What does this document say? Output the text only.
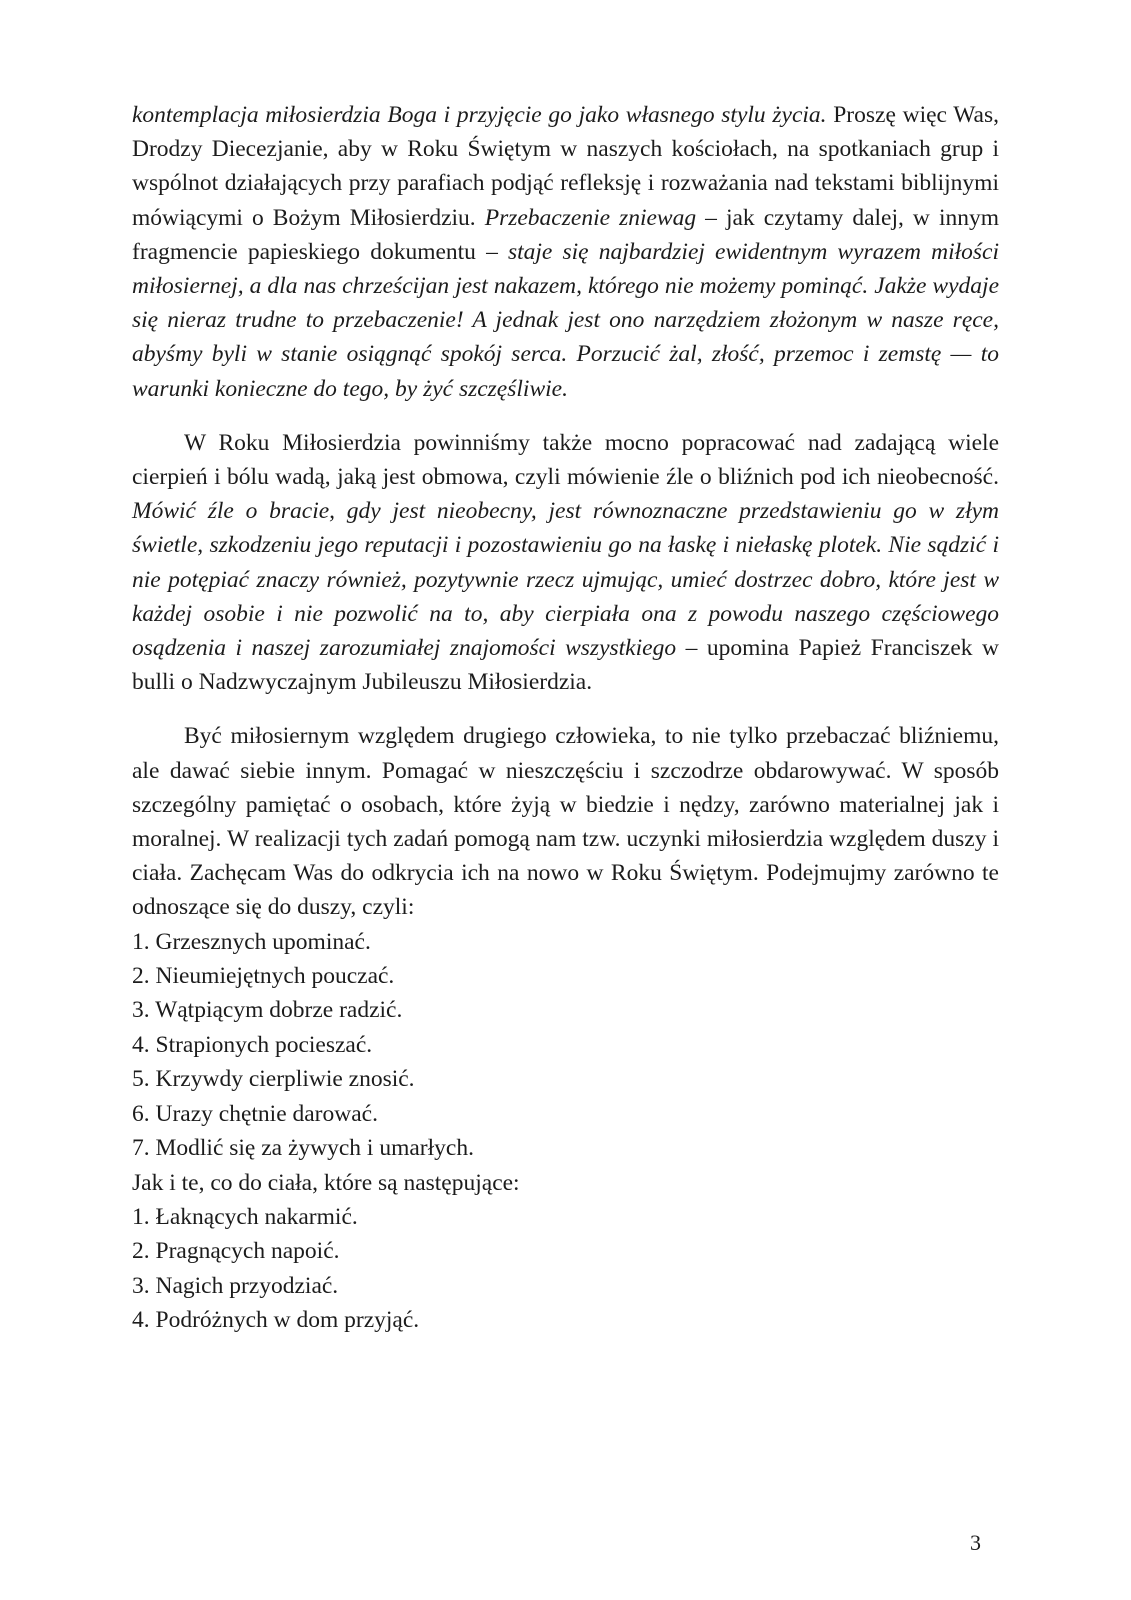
kontemplacja miłosierdzia Boga i przyjęcie go jako własnego stylu życia. Proszę więc Was, Drodzy Diecezjanie, aby w Roku Świętym w naszych kościołach, na spotkaniach grup i wspólnot działających przy parafiach podjąć refleksję i rozważania nad tekstami biblijnymi mówiącymi o Bożym Miłosierdziu. Przebaczenie zniewag – jak czytamy dalej, w innym fragmencie papieskiego dokumentu – staje się najbardziej ewidentnym wyrazem miłości miłosiernej, a dla nas chrześcijan jest nakazem, którego nie możemy pominąć. Jakże wydaje się nieraz trudne to przebaczenie! A jednak jest ono narzędziem złożonym w nasze ręce, abyśmy byli w stanie osiągnąć spokój serca. Porzucić żal, złość, przemoc i zemstę — to warunki konieczne do tego, by żyć szczęśliwie.

W Roku Miłosierdzia powinniśmy także mocno popracować nad zadającą wiele cierpień i bólu wadą, jaką jest obmowa, czyli mówienie źle o bliźnich pod ich nieobecność. Mówić źle o bracie, gdy jest nieobecny, jest równoznaczne przedstawieniu go w złym świetle, szkodzeniu jego reputacji i pozostawieniu go na łaskę i niełaskę plotek. Nie sądzić i nie potępiać znaczy również, pozytywnie rzecz ujmując, umieć dostrzec dobro, które jest w każdej osobie i nie pozwolić na to, aby cierpiała ona z powodu naszego częściowego osądzenia i naszej zarozumiałej znajomości wszystkiego – upomina Papież Franciszek w bulli o Nadzwyczajnym Jubileuszu Miłosierdzia.

Być miłosiernym względem drugiego człowieka, to nie tylko przebaczać bliźniemu, ale dawać siebie innym. Pomagać w nieszczęściu i szczodrze obdarowywać. W sposób szczególny pamiętać o osobach, które żyją w biedzie i nędzy, zarówno materialnej jak i moralnej. W realizacji tych zadań pomogą nam tzw. uczynki miłosierdzia względem duszy i ciała. Zachęcam Was do odkrycia ich na nowo w Roku Świętym. Podejmujmy zarówno te odnoszące się do duszy, czyli:

1. Grzesznych upominać.

2. Nieumiejętnych pouczać.

3. Wątpiącym dobrze radzić.

4. Strapionych pocieszać.

5. Krzywdy cierpliwie znosić.

6. Urazy chętnie darować.

7. Modlić się za żywych i umarłych.

Jak i te, co do ciała, które są następujące:

1. Łaknących nakarmić.

2. Pragnących napoić.

3. Nagich przyodziać.

4. Podróżnych w dom przyjąć.

3
